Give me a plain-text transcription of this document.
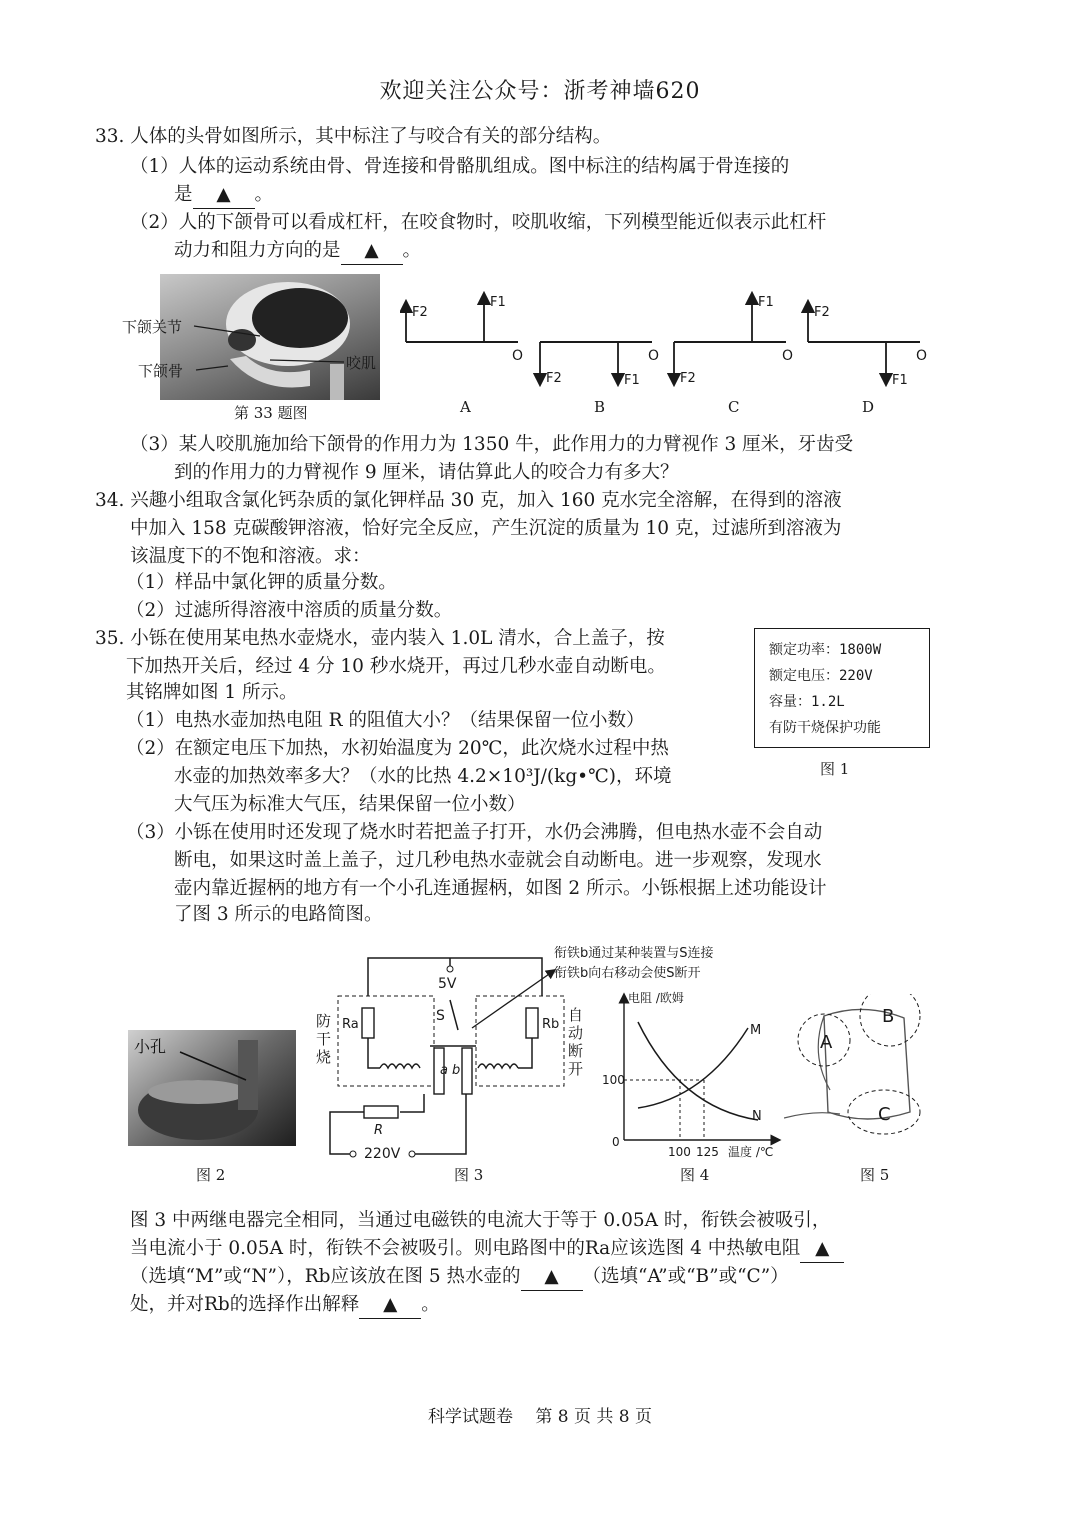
欢迎关注公众号：浙考神墙620
33. 人体的头骨如图所示，其中标注了与咬合有关的部分结构。
（1）人体的运动系统由骨、骨连接和骨骼肌组成。图中标注的结构属于骨连接的
是 ▲ 。
（2）人的下颌骨可以看成杠杆，在咬食物时，咬肌收缩，下列模型能近似表示此杠杆
动力和阻力方向的是 ▲ 。
下颌关节
下颌骨	咬肌
第 33 题图
F2
F1
O
F2	F1
O
F2
F1
O
F2
F1
O
A	B	C	D
（3）某人咬肌施加给下颌骨的作用力为 1350 牛，此作用力的力臂视作 3 厘米，牙齿受
到的作用力的力臂视作 9 厘米，请估算此人的咬合力有多大？
34. 兴趣小组取含氯化钙杂质的氯化钾样品 30 克，加入 160 克水完全溶解，在得到的溶液
中加入 158 克碳酸钾溶液，恰好完全反应，产生沉淀的质量为 10 克，过滤所到溶液为
该温度下的不饱和溶液。求：
（1）样品中氯化钾的质量分数。
（2）过滤所得溶液中溶质的质量分数。
35. 小铄在使用某电热水壶烧水，壶内装入 1.0L 清水，合上盖子，按
下加热开关后，经过 4 分 10 秒水烧开，再过几秒水壶自动断电。
其铭牌如图 1 所示。
（1）电热水壶加热电阻 R 的阻值大小？（结果保留一位小数）
（2）在额定电压下加热，水初始温度为 20℃，此次烧水过程中热
水壶的加热效率多大？（水的比热 4.2×10³J/(kg•℃)，环境
大气压为标准大气压，结果保留一位小数）
额定功率：1800W
额定电压：220V
容量：1.2L
有防干烧保护功能
图 1
（3）小铄在使用时还发现了烧水时若把盖子打开，水仍会沸腾，但电热水壶不会自动
断电，如果这时盖上盖子，过几秒电热水壶就会自动断电。进一步观察，发现水
壶内靠近握柄的地方有一个小孔连通握柄，如图 2 所示。小铄根据上述功能设计
了图 3 所示的电路简图。
小孔
图 2
5V
Ra	Rb
S
a b
R
220V
衔铁b通过某种装置与S连接
衔铁b向右移动会使S断开
防
干
烧
自
动
断
开
图 3
电阻 /欧姆
100
0
M
N
100 125 温度 /℃
图 4
A
B
C
图 5
图 3 中两继电器完全相同，当通过电磁铁的电流大于等于 0.05A 时，衔铁会被吸引，
当电流小于 0.05A 时，衔铁不会被吸引。则电路图中的Ra应该选图 4 中热敏电阻 ▲
（选填“M”或“N”），Rb应该放在图 5 热水壶的 ▲ （选填“A”或“B”或“C”）
处，并对Rb的选择作出解释 ▲ 。
科学试题卷　 第 8 页 共 8 页
